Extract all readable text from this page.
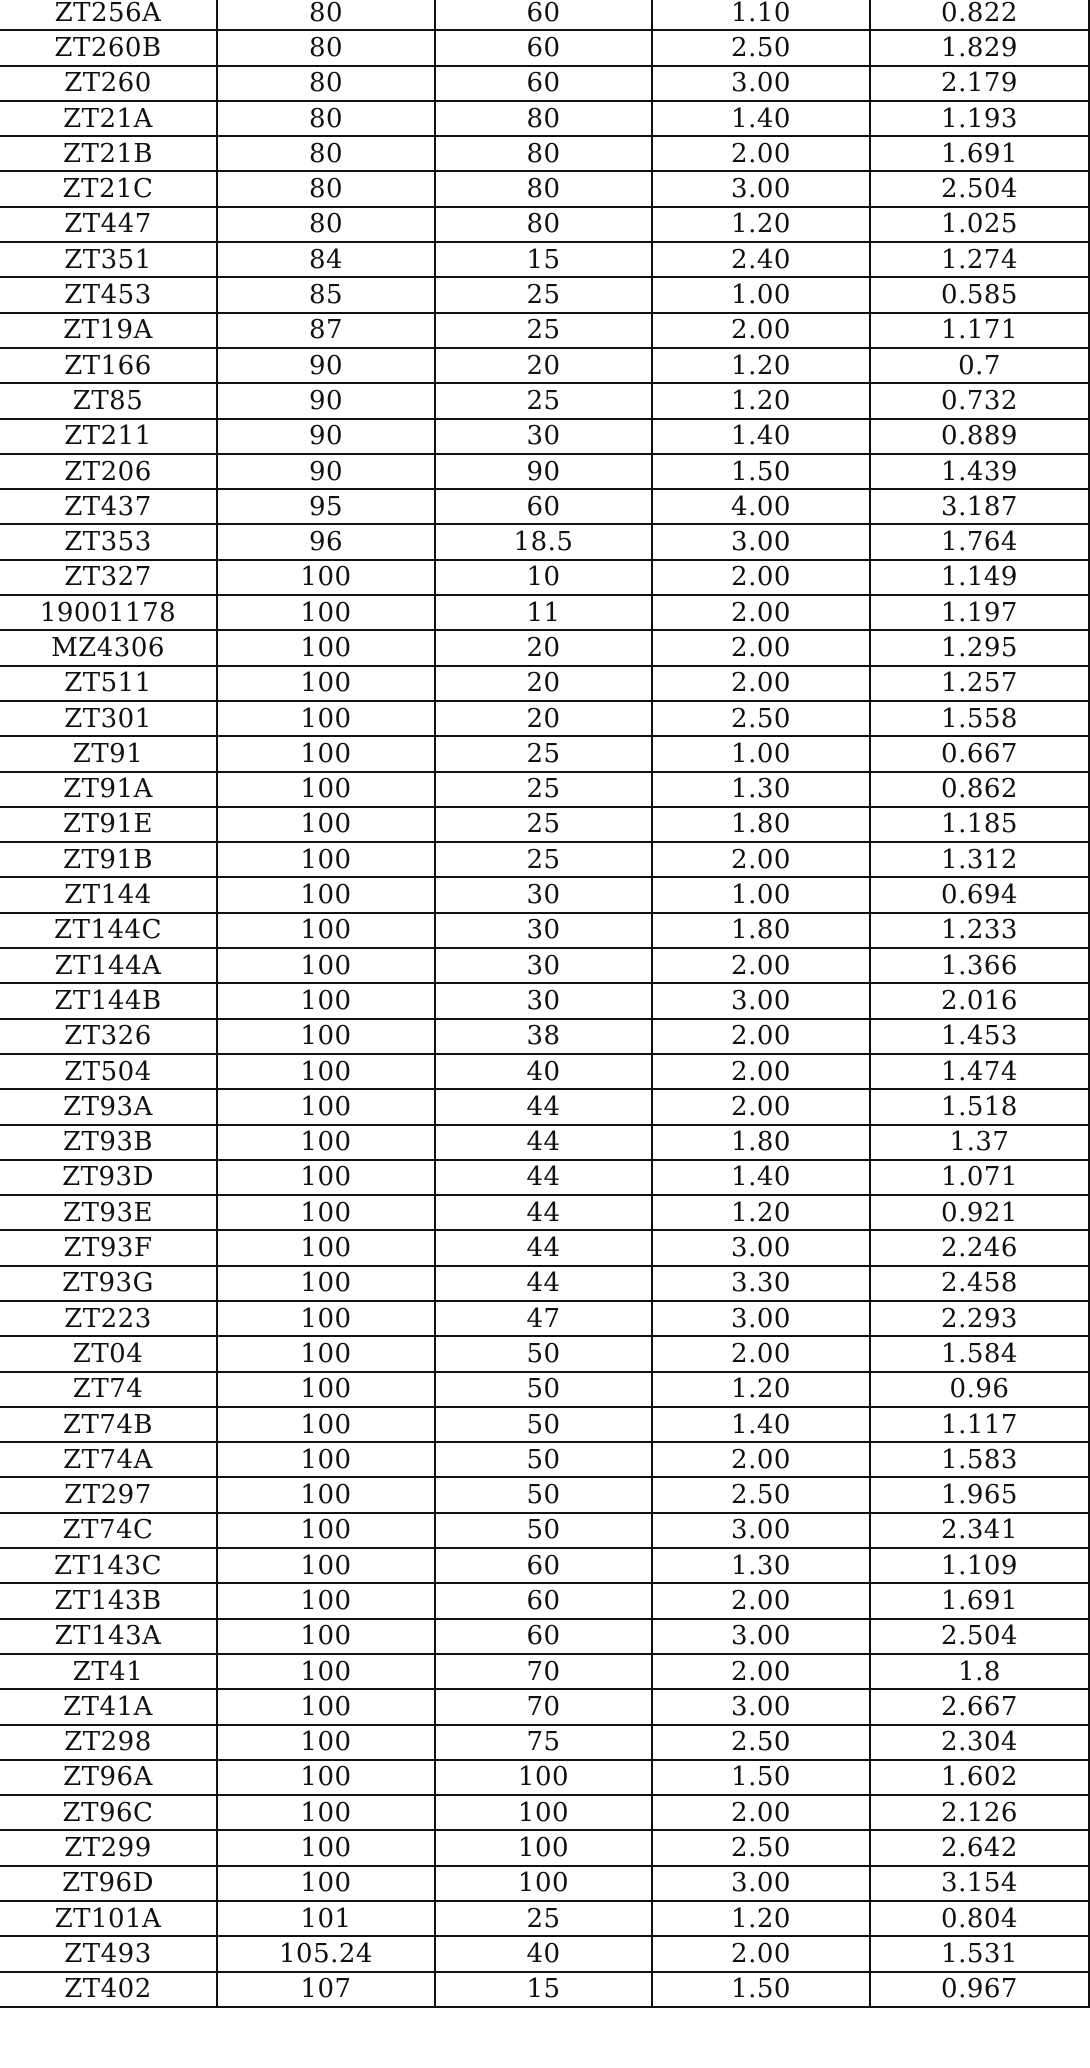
ZT256A	80	60	1.10	0.822
ZT260B	80	60	2.50	1.829
ZT260	80	60	3.00	2.179
ZT21A	80	80	1.40	1.193
ZT21B	80	80	2.00	1.691
ZT21C	80	80	3.00	2.504
ZT447	80	80	1.20	1.025
ZT351	84	15	2.40	1.274
ZT453	85	25	1.00	0.585
ZT19A	87	25	2.00	1.171
ZT166	90	20	1.20	0.7
ZT85	90	25	1.20	0.732
ZT211	90	30	1.40	0.889
ZT206	90	90	1.50	1.439
ZT437	95	60	4.00	3.187
ZT353	96	18.5	3.00	1.764
ZT327	100	10	2.00	1.149
19001178	100	11	2.00	1.197
MZ4306	100	20	2.00	1.295
ZT511	100	20	2.00	1.257
ZT301	100	20	2.50	1.558
ZT91	100	25	1.00	0.667
ZT91A	100	25	1.30	0.862
ZT91E	100	25	1.80	1.185
ZT91B	100	25	2.00	1.312
ZT144	100	30	1.00	0.694
ZT144C	100	30	1.80	1.233
ZT144A	100	30	2.00	1.366
ZT144B	100	30	3.00	2.016
ZT326	100	38	2.00	1.453
ZT504	100	40	2.00	1.474
ZT93A	100	44	2.00	1.518
ZT93B	100	44	1.80	1.37
ZT93D	100	44	1.40	1.071
ZT93E	100	44	1.20	0.921
ZT93F	100	44	3.00	2.246
ZT93G	100	44	3.30	2.458
ZT223	100	47	3.00	2.293
ZT04	100	50	2.00	1.584
ZT74	100	50	1.20	0.96
ZT74B	100	50	1.40	1.117
ZT74A	100	50	2.00	1.583
ZT297	100	50	2.50	1.965
ZT74C	100	50	3.00	2.341
ZT143C	100	60	1.30	1.109
ZT143B	100	60	2.00	1.691
ZT143A	100	60	3.00	2.504
ZT41	100	70	2.00	1.8
ZT41A	100	70	3.00	2.667
ZT298	100	75	2.50	2.304
ZT96A	100	100	1.50	1.602
ZT96C	100	100	2.00	2.126
ZT299	100	100	2.50	2.642
ZT96D	100	100	3.00	3.154
ZT101A	101	25	1.20	0.804
ZT493	105.24	40	2.00	1.531
ZT402	107	15	1.50	0.967
